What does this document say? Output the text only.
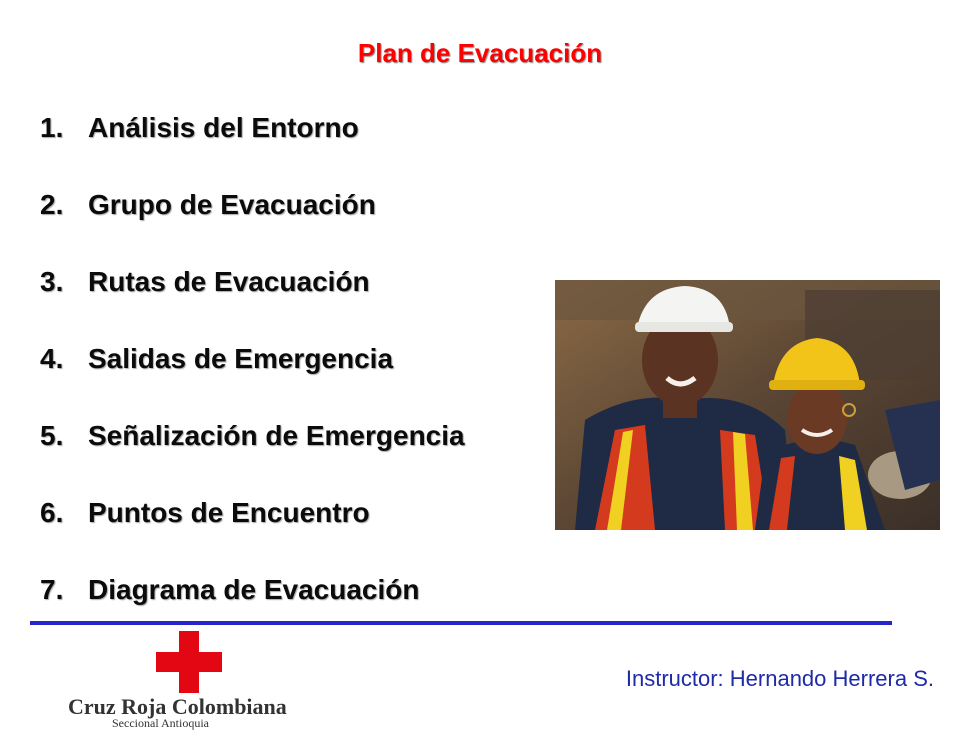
Plan de Evacuación
1. Análisis del Entorno
2. Grupo de Evacuación
3. Rutas de Evacuación
4. Salidas de Emergencia
5. Señalización de Emergencia
6. Puntos de Encuentro
7. Diagrama de Evacuación
Cruz Roja Colombiana
Seccional Antioquia
Instructor: Hernando Herrera S.
